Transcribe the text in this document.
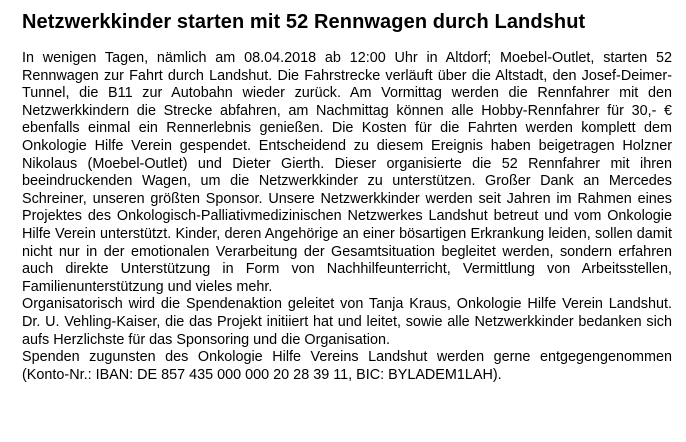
Netzwerkkinder starten mit 52 Rennwagen durch Landshut

In wenigen Tagen, nämlich am 08.04.2018 ab 12:00 Uhr in Altdorf; Moebel-Outlet, starten 52 Rennwagen zur Fahrt durch Landshut. Die Fahrstrecke verläuft über die Altstadt, den Josef-Deimer-Tunnel, die B11 zur Autobahn wieder zurück. Am Vormittag werden die Rennfahrer mit den Netzwerkkindern die Strecke abfahren, am Nachmittag können alle Hobby-Rennfahrer für 30,- € ebenfalls einmal ein Rennerlebnis genießen. Die Kosten für die Fahrten werden komplett dem Onkologie Hilfe Verein gespendet. Entscheidend zu diesem Ereignis haben beigetragen Holzner Nikolaus (Moebel-Outlet) und Dieter Gierth. Dieser organisierte die 52 Rennfahrer mit ihren beeindruckenden Wagen, um die Netzwerkkinder zu unterstützen. Großer Dank an Mercedes Schreiner, unseren größten Sponsor. Unsere Netzwerkkinder werden seit Jahren im Rahmen eines Projektes des Onkologisch-Palliativmedizinischen Netzwerkes Landshut betreut und vom Onkologie Hilfe Verein unterstützt. Kinder, deren Angehörige an einer bösartigen Erkrankung leiden, sollen damit nicht nur in der emotionalen Verarbeitung der Gesamtsituation begleitet werden, sondern erfahren auch direkte Unterstützung in Form von Nachhilfeunterricht, Vermittlung von Arbeitsstellen, Familienunterstützung und vieles mehr.

Organisatorisch wird die Spendenaktion geleitet von Tanja Kraus, Onkologie Hilfe Verein Landshut. Dr. U. Vehling-Kaiser, die das Projekt initiiert hat und leitet, sowie alle Netzwerkkinder bedanken sich aufs Herzlichste für das Sponsoring und die Organisation.

Spenden zugunsten des Onkologie Hilfe Vereins Landshut werden gerne entgegengenommen (Konto-Nr.: IBAN: DE 857 435 000 000 20 28 39 11, BIC: BYLADEM1LAH).
